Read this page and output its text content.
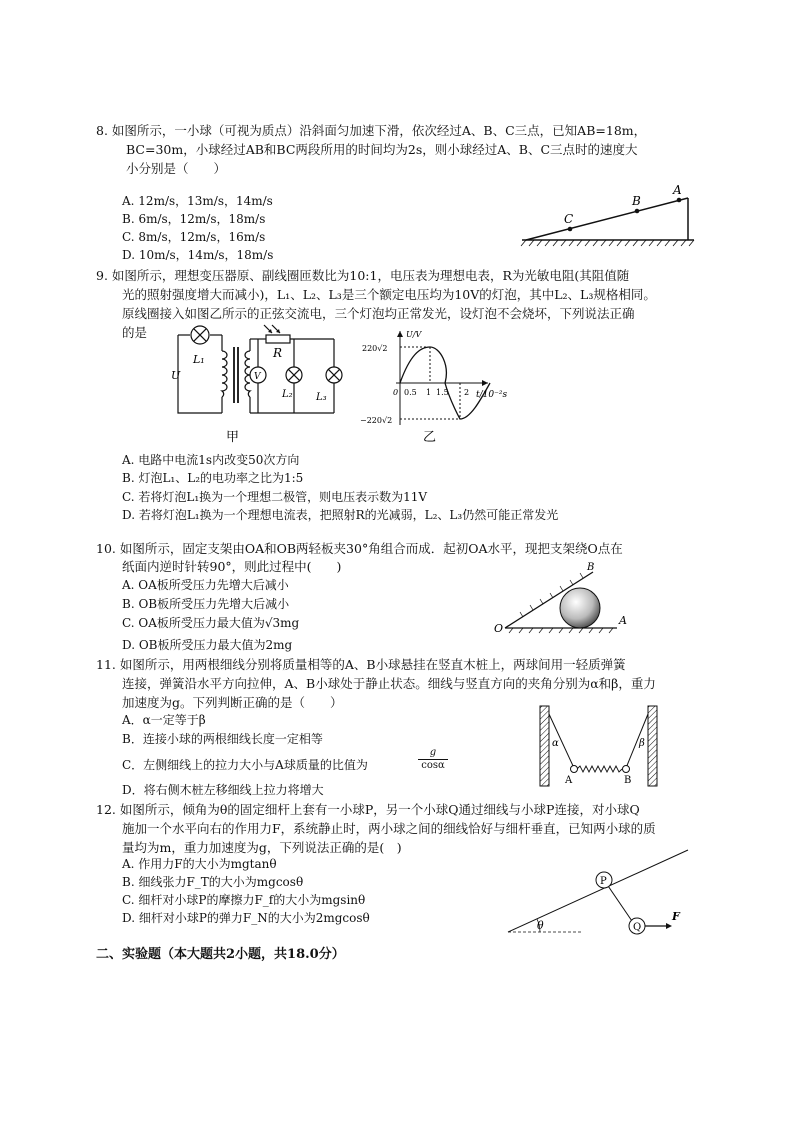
8. 如图所示，一小球（可视为质点）沿斜面匀加速下滑，依次经过A、B、C三点，已知AB=18m，
BC=30m，小球经过AB和BC两段所用的时间均为2s，则小球经过A、B、C三点时的速度大
小分别是（　　）
A. 12m/s，13m/s，14m/s
B. 6m/s，12m/s，18m/s
C. 8m/s，12m/s，16m/s
D. 10m/s，14m/s，18m/s
A
B
C
9. 如图所示，理想变压器原、副线圈匝数比为10:1，电压表为理想电表，R为光敏电阻(其阻值随
光的照射强度增大而减小)，L₁、L₂、L₃是三个额定电压均为10V的灯泡，其中L₂、L₃规格相同。
原线圈接入如图乙所示的正弦交流电，三个灯泡均正常发光，设灯泡不会烧坏，下列说法正确
的是
L₁
U
R
V
L₂ L₃
甲
U/V
220√2
−220√2
0 0.5 1 1.5 2 t/10⁻²s
乙
A. 电路中电流1s内改变50次方向
B. 灯泡L₁、L₂的电功率之比为1:5
C. 若将灯泡L₁换为一个理想二极管，则电压表示数为11V
D. 若将灯泡L₁换为一个理想电流表，把照射R的光减弱，L₂、L₃仍然可能正常发光
10. 如图所示，固定支架由OA和OB两轻板夹30°角组合而成．起初OA水平，现把支架绕O点在
纸面内逆时针转90°，则此过程中(　　)
A. OA板所受压力先增大后减小
B. OB板所受压力先增大后减小
C. OA板所受压力最大值为√3mg
D. OB板所受压力最大值为2mg
O
A
B
11. 如图所示，用两根细线分别将质量相等的A、B小球悬挂在竖直木桩上，两球间用一轻质弹簧
连接，弹簧沿水平方向拉伸，A、B小球处于静止状态。细线与竖直方向的夹角分别为α和β，重力
加速度为g。下列判断正确的是（　　）
A．α一定等于β
B．连接小球的两根细线长度一定相等
C．左侧细线上的拉力大小与A球质量的比值为	$\frac{g}{\cos\alpha}$
D．将右侧木桩左移细线上拉力将增大
α	β
A	B
12. 如图所示，倾角为θ的固定细杆上套有一小球P，另一个小球Q通过细线与小球P连接，对小球Q
施加一个水平向右的作用力F，系统静止时，两小球之间的细线恰好与细杆垂直，已知两小球的质
量均为m，重力加速度为g，下列说法正确的是(　)
A. 作用力F的大小为mgtanθ
B. 细线张力F_T的大小为mgcosθ
C. 细杆对小球P的摩擦力F_f的大小为mgsinθ
D. 细杆对小球P的弹力F_N的大小为2mgcosθ
P
Q
F
θ
二、实验题（本大题共2小题，共18.0分）
